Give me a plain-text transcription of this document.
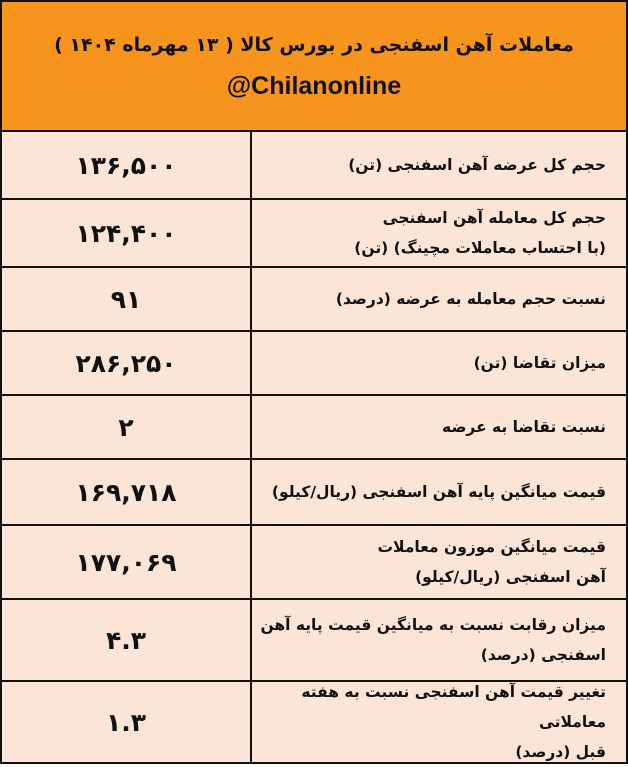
معاملات آهن اسفنجی در بورس کالا ( ۱۳ مهرماه ۱۴۰۴ )
@Chilanonline
حجم کل عرضه آهن اسفنجی (تن)
۱۳۶,۵۰۰
حجم کل معامله آهن اسفنجی
(با احتساب معاملات مچینگ) (تن)
۱۲۴,۴۰۰
نسبت حجم معامله به عرضه (درصد)
۹۱
میزان تقاضا (تن)
۲۸۶,۲۵۰
نسبت تقاضا به عرضه
۲
قیمت میانگین پایه آهن اسفنجی (ریال/کیلو)
۱۶۹,۷۱۸
قیمت میانگین موزون معاملات
آهن اسفنجی (ریال/کیلو)
۱۷۷,۰۶۹
میزان رقابت نسبت به میانگین قیمت پایه آهن
اسفنجی (درصد)
۴.۳
تغییر قیمت آهن اسفنجی نسبت به هفته معاملاتی
قبل (درصد)
۱.۳
